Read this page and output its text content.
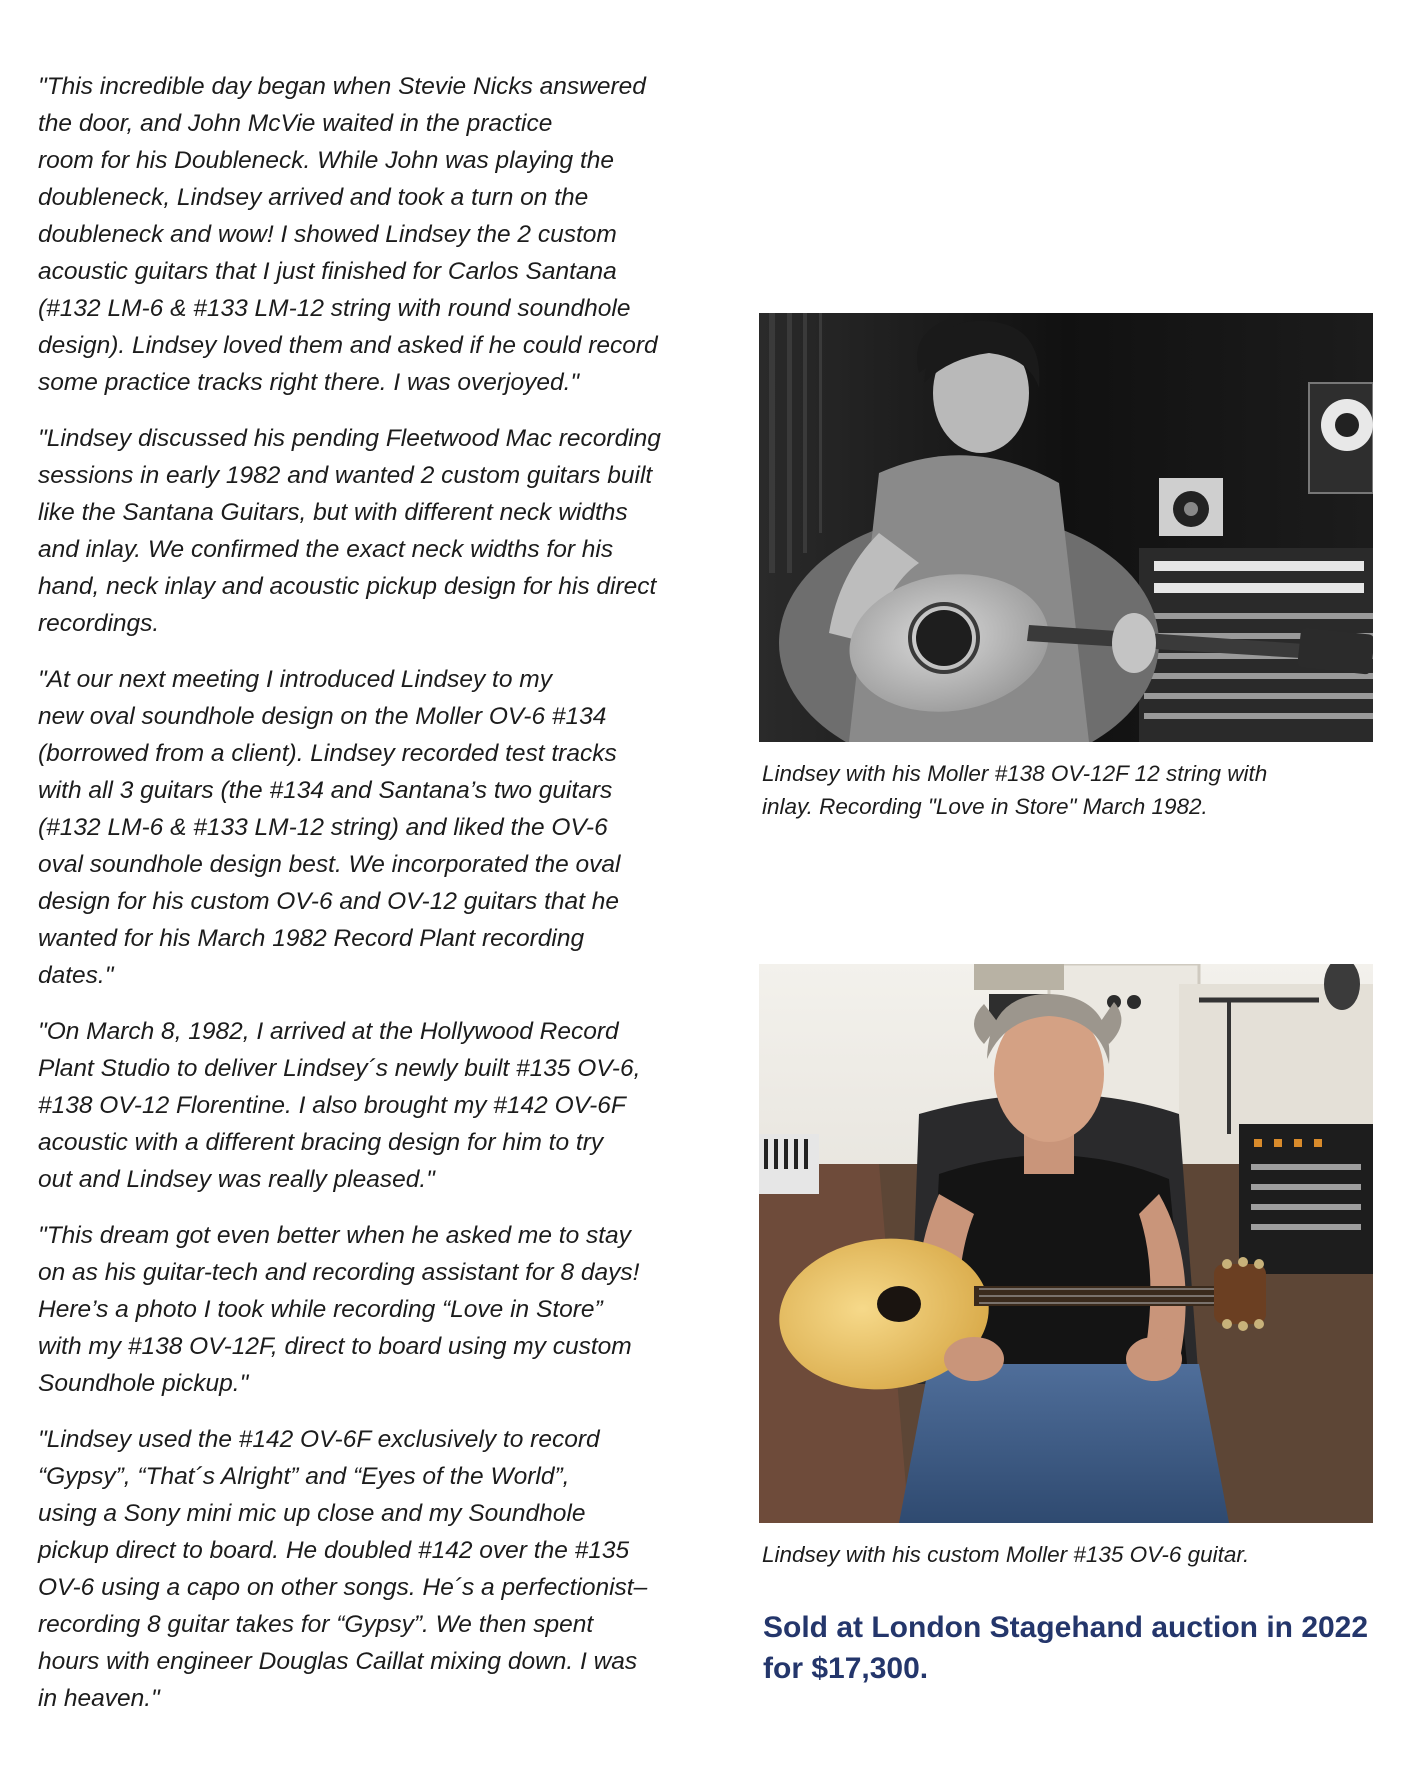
"This incredible day began when Stevie Nicks answered
the door, and John McVie waited in the practice
room for his Doubleneck. While John was playing the
doubleneck, Lindsey arrived and took a turn on the
doubleneck and wow! I showed Lindsey the 2 custom
acoustic guitars that I just finished for Carlos Santana
(#132 LM-6 & #133 LM-12 string with round soundhole
design). Lindsey loved them and asked if he could record
some practice tracks right there. I was overjoyed."

"Lindsey discussed his pending Fleetwood Mac recording
sessions in early 1982 and wanted 2 custom guitars built
like the Santana Guitars, but with different neck widths
and inlay. We confirmed the exact neck widths for his
hand, neck inlay and acoustic pickup design for his direct
recordings.

"At our next meeting I introduced Lindsey to my
new oval soundhole design on the Moller OV-6 #134
(borrowed from a client). Lindsey recorded test tracks
with all 3 guitars (the #134 and Santana’s two guitars
(#132 LM-6 & #133 LM-12 string) and liked the OV-6
oval soundhole design best. We incorporated the oval
design for his custom OV-6 and OV-12 guitars that he
wanted for his March 1982 Record Plant recording
dates."

"On March 8, 1982, I arrived at the Hollywood Record
Plant Studio to deliver Lindsey´s newly built #135 OV-6,
#138 OV-12 Florentine. I also brought my #142 OV-6F
acoustic with a different bracing design for him to try
out and Lindsey was really pleased."

"This dream got even better when he asked me to stay
on as his guitar-tech and recording assistant for 8 days!
Here’s a photo I took while recording “Love in Store”
with my #138 OV-12F, direct to board using my custom
Soundhole pickup."

"Lindsey used the #142 OV-6F exclusively to record
“Gypsy”, “That´s Alright” and “Eyes of the World”,
using a Sony mini mic up close and my Soundhole
pickup direct to board. He doubled #142 over the #135
OV-6 using a capo on other songs. He´s a perfectionist–
recording 8 guitar takes for “Gypsy”. We then spent
hours with engineer Douglas Caillat mixing down. I was
in heaven."

Lindsey with his Moller #138 OV-12F 12 string with
inlay. Recording "Love in Store" March 1982.
Lindsey with his custom Moller #135 OV-6 guitar.
Sold at London Stagehand auction in 2022
for $17,300.
